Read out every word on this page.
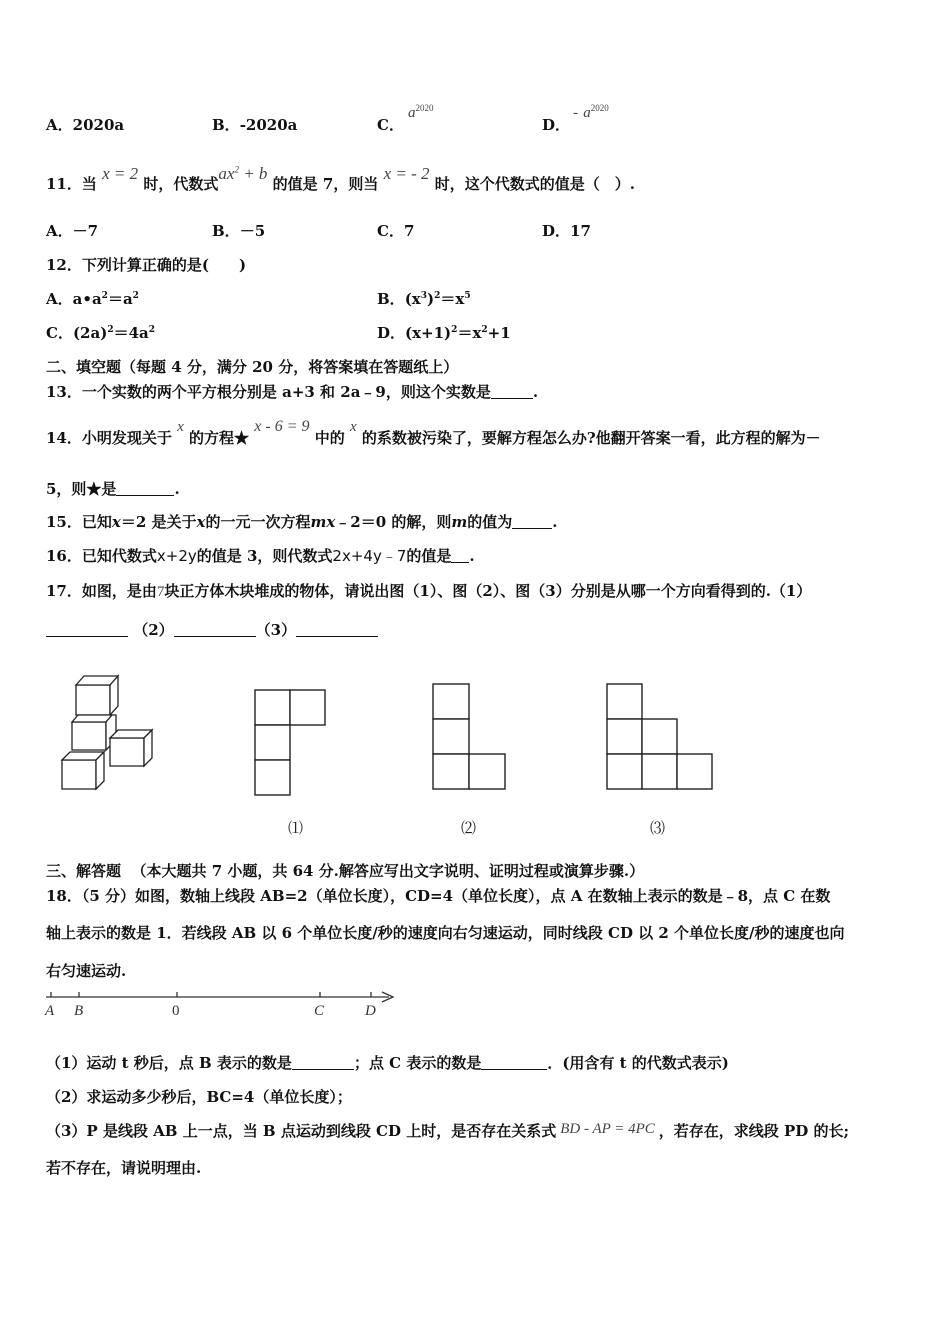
A．2020a	B．-2020a	C．
$a^{2020}$
D．
- $a^{2020}$
11．当 x = 2 时，代数式$ax^2 + b$ 的值是 7，则当 x = - 2 时，这个代数式的值是（　）.
A．－7	B．－5	C．7	D．17
12．下列计算正确的是(　　)
A．$a•a^2=a^2$	B．$(x^3)^2=x^5$
C．$(2a)^2=4a^2$	D．$(x+1)^2=x^2+1$
二、填空题（每题 4 分，满分 20 分，将答案填在答题纸上）
13．一个实数的两个平方根分别是 a+3 和 2a﹣9，则这个实数是	.
14．小明发现关于 x 的方程★ x - 6 = 9 中的 x 的系数被污染了，要解方程怎么办?他翻开答案一看，此方程的解为－
5，则★是	.
15．已知x＝2 是关于x的一元一次方程mx﹣2＝0 的解，则m的值为	.
16．已知代数式x+2y的值是 3，则代数式2x+4y﹣7的值是 .
17．如图，是由7块正方体木块堆成的物体，请说出图（1）、图（2）、图（3）分别是从哪一个方向看得到的.（1）
（2）	（3）
⑴	⑵	⑶
三、解答题 （本大题共 7 小题，共 64 分.解答应写出文字说明、证明过程或演算步骤.）
18．（5 分）如图，数轴上线段 AB=2（单位长度），CD=4（单位长度），点 A 在数轴上表示的数是﹣8，点 C 在数
轴上表示的数是 1．若线段 AB 以 6 个单位长度/秒的速度向右匀速运动，同时线段 CD 以 2 个单位长度/秒的速度也向
右匀速运动.
A B	0	C	D
（1）运动 t 秒后，点 B 表示的数是	；点 C 表示的数是	．(用含有 t 的代数式表示)
（2）求运动多少秒后，BC=4（单位长度）；
（3）P 是线段 AB 上一点，当 B 点运动到线段 CD 上时，是否存在关系式 BD - AP = 4PC ，若存在，求线段 PD 的长;
若不存在，请说明理由.
